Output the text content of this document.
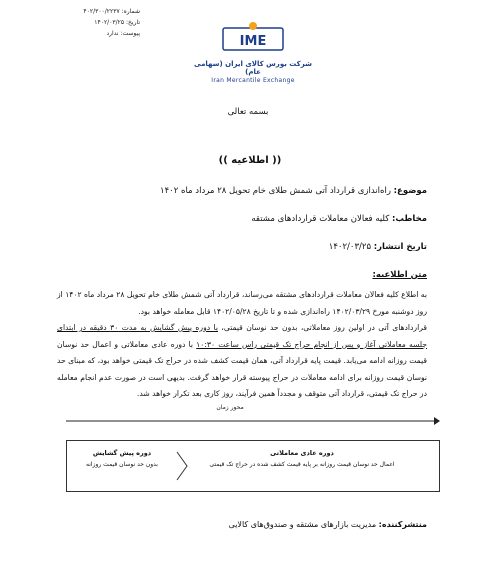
شماره: ۴۰۲/۳۰۰/۲۲۳۷
تاریخ: ۱۴۰۲/۰۳/۲۵
پیوست: ندارد
IME
شرکت بورس کالای ایران (سهامی عام)
Iran Mercantile Exchange
بسمه تعالی
(( اطلاعیه ))
موضوع: راه‌اندازی قرارداد آتی شمش طلای خام تحویل ۲۸ مرداد ماه ۱۴۰۲
مخاطب: کلیه فعالان معاملات قراردادهای مشتقه
تاریخ انتشار: ۱۴۰۲/۰۳/۲۵
متن اطلاعیه:
به اطلاع کلیه فعالان معاملات قراردادهای مشتقه می‌رساند، قرارداد آتی شمش طلای خام تحویل ۲۸ مرداد ماه ۱۴۰۲ از روز دوشنبه مورخ ۱۴۰۲/۰۳/۲۹ راه‌اندازی شده و تا تاریخ ۱۴۰۲/۰۵/۲۸ قابل معامله خواهد بود.
قراردادهای آتی در اولین روز معاملاتی، بدون حد نوسان قیمتی، با دوره پیش گشایش به مدت ۳۰ دقیقه در ابتدای جلسه معاملاتی آغاز و پس از انجام حراج تک قیمتی راس ساعت ۱۰:۳۰ با دوره عادی معاملاتی و اعمال حد نوسان قیمت روزانه ادامه می‌یابد. قیمت پایه قرارداد آتی، همان قیمت کشف شده در حراج تک قیمتی خواهد بود، که مبنای حد نوسان قیمت روزانه برای ادامه معاملات در حراج پیوسته قرار خواهد گرفت. بدیهی است در صورت عدم انجام معامله در حراج تک قیمتی، قرارداد آتی متوقف و مجدداً همین فرآیند، روز کاری بعد تکرار خواهد شد.
محور زمان
دوره پیش گشایش
بدون حد نوسان قیمت روزانه
دوره عادی معاملاتی
اعمال حد نوسان قیمت روزانه بر پایه قیمت کشف شده در حراج تک قیمتی
منتشرکننده: مدیریت بازارهای مشتقه و صندوق‌های کالایی
